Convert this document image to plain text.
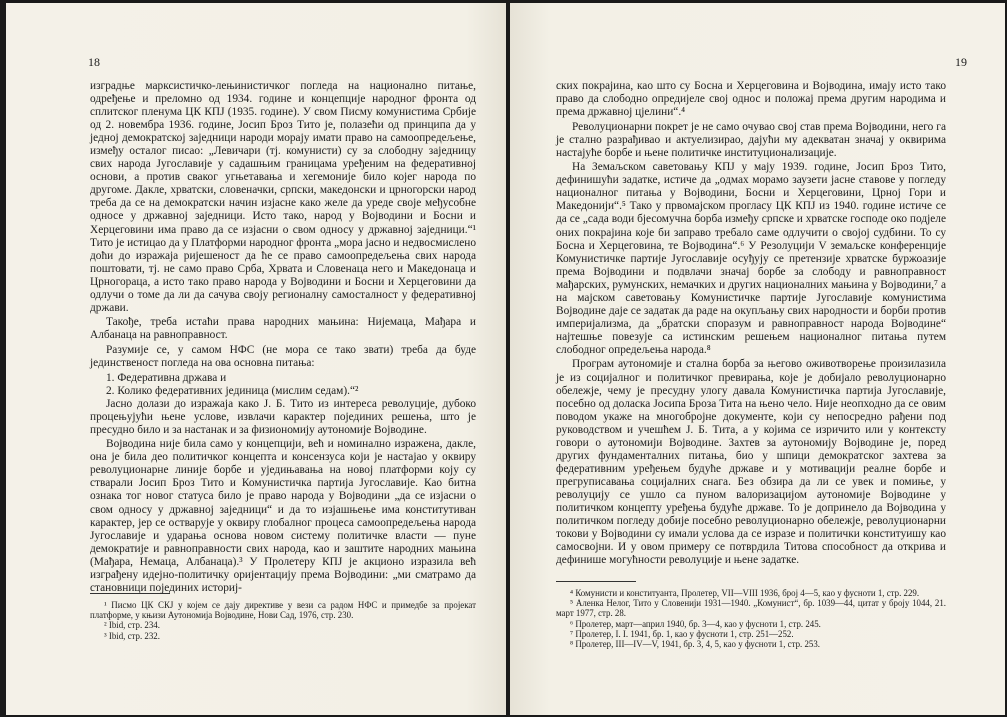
18

изградње марксистичко-лењинистичког погледа на национално питање, одређење и преломно од 1934. године и концепције народног фронта од сплитског пленума ЦК КПЈ (1935. године). У свом Писму комунистима Србије од 2. новембра 1936. године, Јосип Броз Тито је, полазећи од принципа да у једној демократској заједници народи морају имати право на самоопредељење, између осталог писао: „Левичари (тј. комунисти) су за слободну заједницу свих народа Југославије у садашњим границама уређеним на федеративној основи, а против сваког угњетавања и хегемоније било којег народа по другоме. Дакле, хрватски, словеначки, српски, македонски и црногорски народ треба да се на демократски начин изјасне како желе да уреде своје међусобне односе у државној заједници. Исто тако, народ у Војводини и Босни и Херцеговини има право да се изјасни о свом односу у државној заједници.“¹ Тито је истицао да у Платформи народног фронта „мора јасно и недвосмислено доћи до изражаја ријешеност да ће се право самоопредељења свих народа поштовати, тј. не само право Срба, Хрвата и Словенаца него и Македонаца и Црногораца, а исто тако право народа у Војводини и Босни и Херцеговини да одлучи о томе да ли да сачува своју регионалну самосталност у федеративној држави.

Такође, треба истаћи права народних мањина: Нијемаца, Мађара и Албанаца на равноправност.

Разумије се, у самом НФС (не мора се тако звати) треба да буде јединственост погледа на ова основна питања:

1. Федеративна држава и

2. Колико федеративних јединица (мислим седам).“²

Јасно долази до изражаја како J. Б. Тито из интереса револуције, дубоко процењујући њене услове, извлачи карактер појединих решења, што је пресудно било и за настанак и за физиономију аутономије Војводине.

Војводина није била само у концепцији, већ и номинално изражена, дакле, она је била део политичког концепта и консензуса који је настајао у оквиру револуционарне линије борбе и уједињавања на новој платформи коју су стварали Јосип Броз Тито и Комунистичка партија Југославије. Као битна ознака тог новог статуса било је право народа у Војводини „да се изјасни о свом односу у државној заједници“ и да то изјашњење има конститутиван карактер, јер се остварује у оквиру глобалног процеса самоопредељења народа Југославије и ударања основа новом систему политичке власти — пуне демократије и равноправности свих народа, као и заштите народних мањина (Мађара, Немаца, Албанаца).³ У Пролетеру КПЈ је акционо изразила већ изграђену идејно-политичку оријентацију према Војводини: „ми сматрамо да становници појединих историј-

¹ Писмо ЦК СКЈ у којем се дају директиве у вези са радом НФС и примедбе за пројекат платформе, у књизи Аутономија Војводине, Нови Сад, 1976, стр. 230.

² Ibid, стр. 234.

³ Ibid, стр. 232.

19

ских покрајина, као што су Босна и Херцеговина и Војводина, имају исто тако право да слободно опредијеле свој однос и положај према другим народима и према државној цјелини“.⁴

Револуционарни покрет је не само очувао свој став према Војводини, него га је стално разрађивао и актуелизирао, дајући му адекватан значај у оквирима настајуће борбе и њене политичке институционализације.

На Земаљском саветовању КПЈ у мају 1939. године, Јосип Броз Тито, дефинишући задатке, истиче да „одмах морамо заузети јасне ставове у погледу националног питања у Војводини, Босни и Херцеговини, Црној Гори и Македонији“.⁵ Тако у првомајском прогласу ЦК КПЈ из 1940. године истиче се да се „сада води бјесомучна борба између српске и хрватске господе око подјеле оних покрајина које би заправо требало саме одлучити о својој судбини. То су Босна и Херцеговина, те Војводина“.⁶ У Резолуцији V земаљске конференције Комунистичке партије Југославије осуђују се претензије хрватске буржоазије према Војводини и подвлачи значај борбе за слободу и равноправност мађарских, румунских, немачких и других националних мањина у Војводини,⁷ а на мајском саветовању Комунистичке партије Југославије комунистима Војводине даје се задатак да раде на окупљању свих народности и борби против империјализма, да „братски споразум и равноправност народа Војводине“ најтешње повезује са истинским решењем националног питања путем слободног опредељења народа.⁸

Програм аутономије и стална борба за његово оживотворење произилазила је из социјалног и политичког превирања, које је добијало револуционарно обележје, чему је пресудну улогу давала Комунистичка партија Југославије, посебно од доласка Јосипа Броза Тита на њено чело. Није неопходно да се овим поводом укаже на многобројне документе, који су непосредно рађени под руководством и учешћем Ј. Б. Тита, а у којима се изричито или у контексту говори о аутономији Војводине. Захтев за аутономију Војводине је, поред других фундаменталних питања, био у шпици демократског захтева за федеративним уређењем будуће државе и у мотивацији реалне борбе и прегруписавања социјалних снага. Без обзира да ли се увек и помиње, у револуцију се ушло са пуном валоризацијом аутономије Војводине у политичком концепту уређења будуће државе. То је допринело да Војводина у политичком погледу добије посебно револуционарно обележје, револуционарни токови у Војводини су имали услова да се изразе и политички конституишу као самосвојни. И у овом примеру се потврдила Титова способност да открива и дефинише могућности револуције и њене задатке.

⁴ Комунисти и конституанта, Пролетер, VII—VIII 1936, број 4—5, као у фуснoти 1, стр. 229.

⁵ Аленка Нелог, Тито у Словенији 1931—1940. „Комунист“, бр. 1039—44, цитат у броју 1044, 21. март 1977, стр. 28.

⁶ Пролетер, март—април 1940, бр. 3—4, као у фуснoти 1, стр. 245.

⁷ Пролетер, I. I. 1941, бр. 1, као у фуснoти 1, стр. 251—252.

⁸ Пролетер, III—IV—V, 1941, бр. 3, 4, 5, као у фуснoти 1, стр. 253.
